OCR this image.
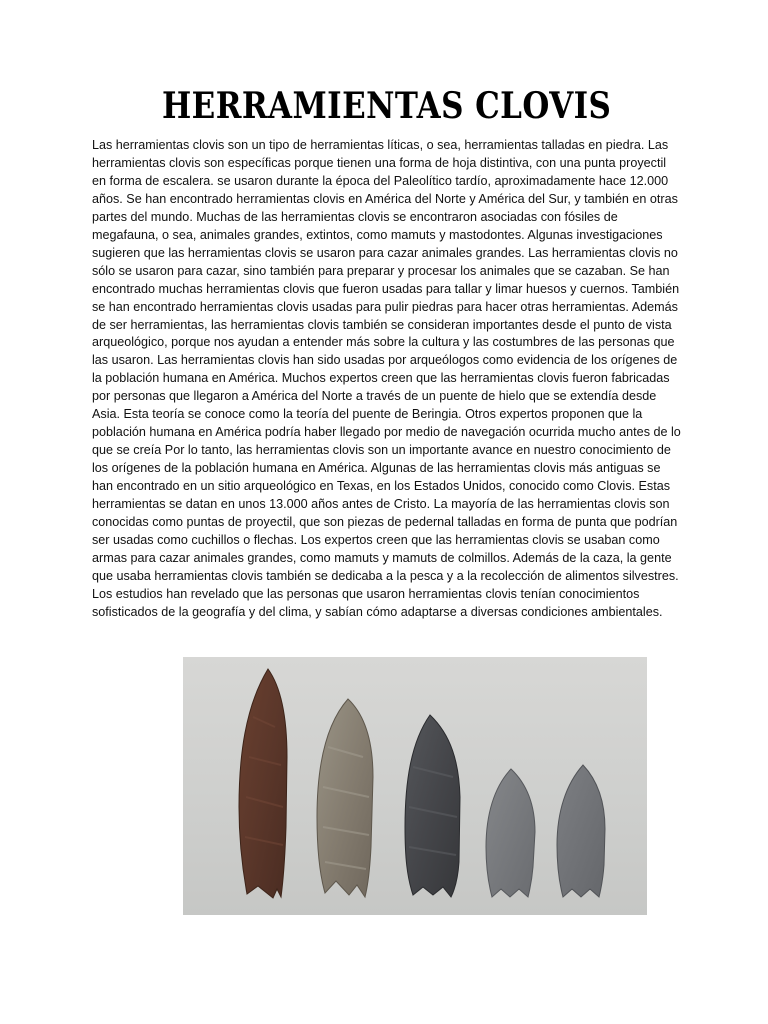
HERRAMIENTAS CLOVIS

Las herramientas clovis son un tipo de herramientas líticas, o sea, herramientas talladas en piedra. Las herramientas clovis son específicas porque tienen una forma de hoja distintiva, con una punta proyectil en forma de escalera. se usaron durante la época del Paleolítico tardío, aproximadamente hace 12.000 años. Se han encontrado herramientas clovis en América del Norte y América del Sur, y también en otras partes del mundo. Muchas de las herramientas clovis se encontraron asociadas con fósiles de megafauna, o sea, animales grandes, extintos, como mamuts y mastodontes. Algunas investigaciones sugieren que las herramientas clovis se usaron para cazar animales grandes. Las herramientas clovis no sólo se usaron para cazar, sino también para preparar y procesar los animales que se cazaban. Se han encontrado muchas herramientas clovis que fueron usadas para tallar y limar huesos y cuernos. También se han encontrado herramientas clovis usadas para pulir piedras para hacer otras herramientas. Además de ser herramientas, las herramientas clovis también se consideran importantes desde el punto de vista arqueológico, porque nos ayudan a entender más sobre la cultura y las costumbres de las personas que las usaron. Las herramientas clovis han sido usadas por arqueólogos como evidencia de los orígenes de la población humana en América. Muchos expertos creen que las herramientas clovis fueron fabricadas por personas que llegaron a América del Norte a través de un puente de hielo que se extendía desde Asia. Esta teoría se conoce como la teoría del puente de Beringia. Otros expertos proponen que la población humana en América podría haber llegado por medio de navegación ocurrida mucho antes de lo que se creía Por lo tanto, las herramientas clovis son un importante avance en nuestro conocimiento de los orígenes de la población humana en América. Algunas de las herramientas clovis más antiguas se han encontrado en un sitio arqueológico en Texas, en los Estados Unidos, conocido como Clovis. Estas herramientas se datan en unos 13.000 años antes de Cristo. La mayoría de las herramientas clovis son conocidas como puntas de proyectil, que son piezas de pedernal talladas en forma de punta que podrían ser usadas como cuchillos o flechas. Los expertos creen que las herramientas clovis se usaban como armas para cazar animales grandes, como mamuts y mamuts de colmillos. Además de la caza, la gente que usaba herramientas clovis también se dedicaba a la pesca y a la recolección de alimentos silvestres. Los estudios han revelado que las personas que usaron herramientas clovis tenían conocimientos sofisticados de la geografía y del clima, y sabían cómo adaptarse a diversas condiciones ambientales.
